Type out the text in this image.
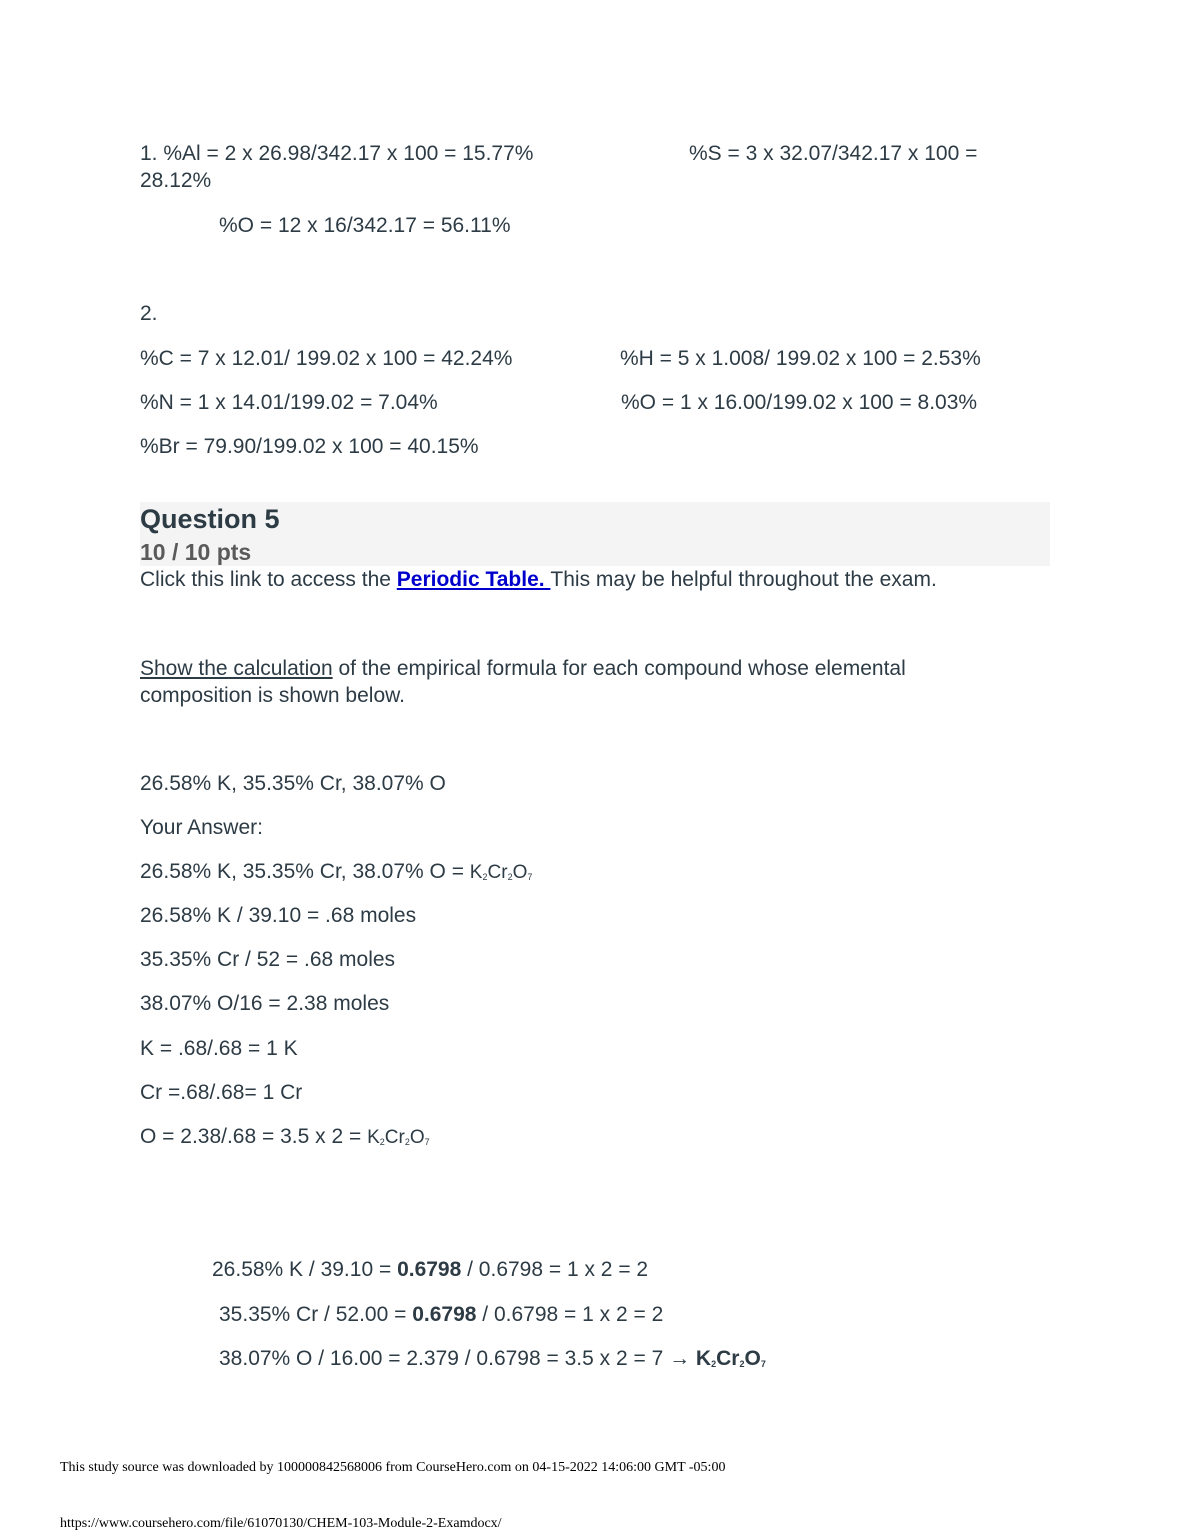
1. %Al = 2 x 26.98/342.17 x 100 = 15.77%	%S = 3 x 32.07/342.17 x 100 =
28.12%
%O = 12 x 16/342.17 = 56.11%
2.
%C = 7 x 12.01/ 199.02 x 100 = 42.24%	%H = 5 x 1.008/ 199.02 x 100 = 2.53%
%N = 1 x 14.01/199.02 = 7.04%	%O = 1 x 16.00/199.02 x 100 = 8.03%
%Br = 79.90/199.02 x 100 = 40.15%
Question 5
10 / 10 pts
Click this link to access the Periodic Table. This may be helpful throughout the exam.
Show the calculation of the empirical formula for each compound whose elemental
composition is shown below.
26.58% K, 35.35% Cr, 38.07% O
Your Answer:
26.58% K, 35.35% Cr, 38.07% $O = K_2Cr_2O_7$
26.58% K / 39.10 = .68 moles
35.35% Cr / 52 = .68 moles
38.07% O/16 = 2.38 moles
K = .68/.68 = 1 K
Cr =.68/.68= 1 Cr
O = 2.38/.68 = 3.5 x $2 = K_2Cr_2O_7$
26.58% K / 39.10 = 0.6798 / 0.6798 = 1 x 2 = 2
35.35% Cr / 52.00 = 0.6798 / 0.6798 = 1 x 2 = 2
38.07% O / 16.00 = 2.379 / 0.6798 = 3.5 x $2 = 7 \to K_2Cr_2O_7$
This study source was downloaded by 100000842568006 from CourseHero.com on 04-15-2022 14:06:00 GMT -05:00
https://www.coursehero.com/file/61070130/CHEM-103-Module-2-Examdocx/
